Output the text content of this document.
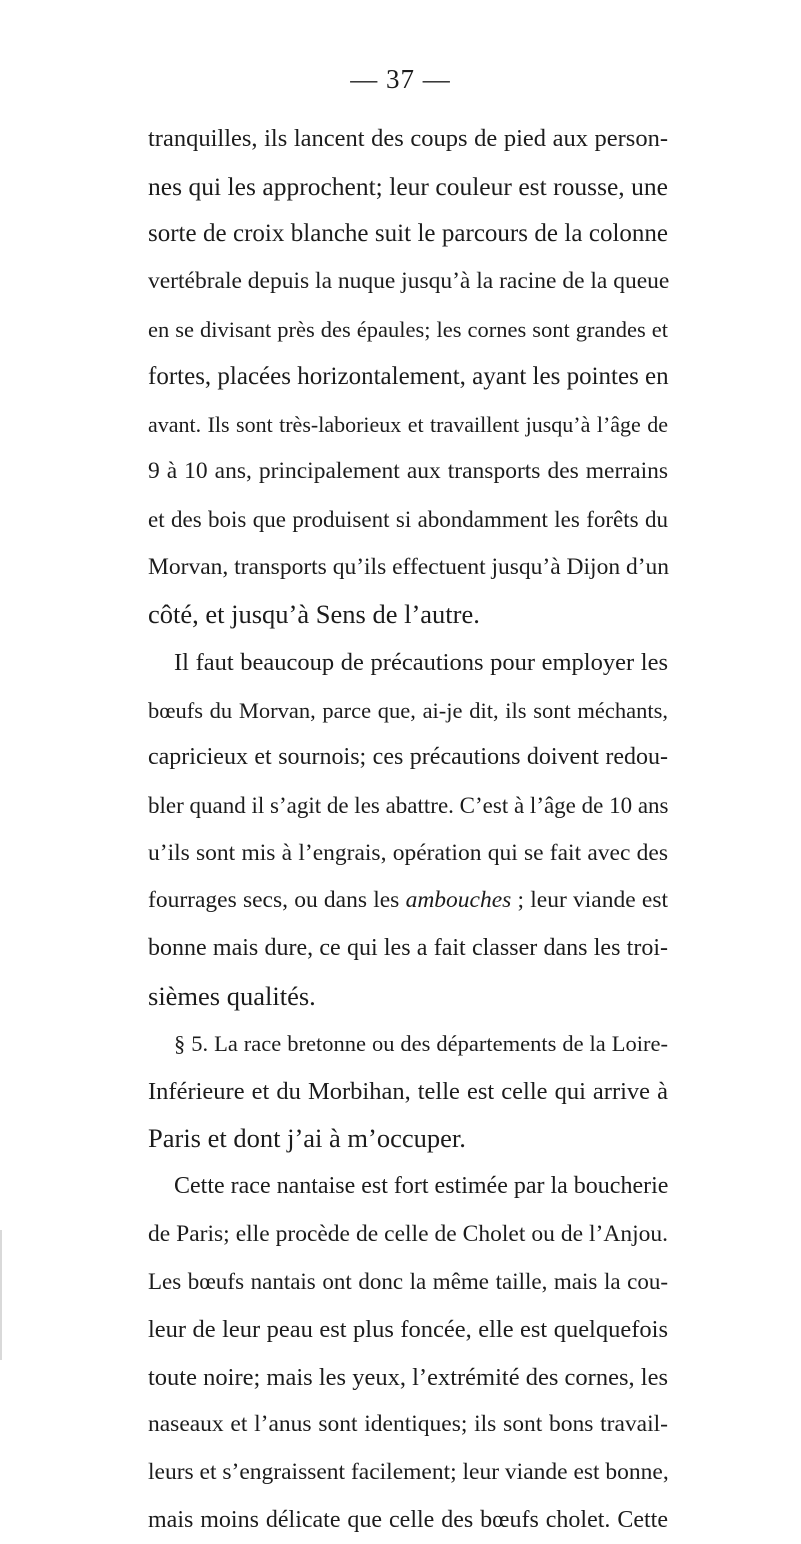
— 37 —
tranquilles, ils lancent des coups de pied aux person-
nes qui les approchent; leur couleur est rousse, une
sorte de croix blanche suit le parcours de la colonne
vertébrale depuis la nuque jusqu’à la racine de la queue
en se divisant près des épaules; les cornes sont grandes et
fortes, placées horizontalement, ayant les pointes en
avant. Ils sont très-laborieux et travaillent jusqu’à l’âge de
9 à 10 ans, principalement aux transports des merrains
et des bois que produisent si abondamment les forêts du
Morvan, transports qu’ils effectuent jusqu’à Dijon d’un
côté, et jusqu’à Sens de l’autre.
Il faut beaucoup de précautions pour employer les
bœufs du Morvan, parce que, ai-je dit, ils sont méchants,
capricieux et sournois; ces précautions doivent redou-
bler quand il s’agit de les abattre. C’est à l’âge de 10 ans
u’ils sont mis à l’engrais, opération qui se fait avec des
fourrages secs, ou dans les ambouches ; leur viande est
bonne mais dure, ce qui les a fait classer dans les troi-
sièmes qualités.
§ 5. La race bretonne ou des départements de la Loire-
Inférieure et du Morbihan, telle est celle qui arrive à
Paris et dont j’ai à m’occuper.
Cette race nantaise est fort estimée par la boucherie
de Paris; elle procède de celle de Cholet ou de l’Anjou.
Les bœufs nantais ont donc la même taille, mais la cou-
leur de leur peau est plus foncée, elle est quelquefois
toute noire; mais les yeux, l’extrémité des cornes, les
naseaux et l’anus sont identiques; ils sont bons travail-
leurs et s’engraissent facilement; leur viande est bonne,
mais moins délicate que celle des bœufs cholet. Cette
